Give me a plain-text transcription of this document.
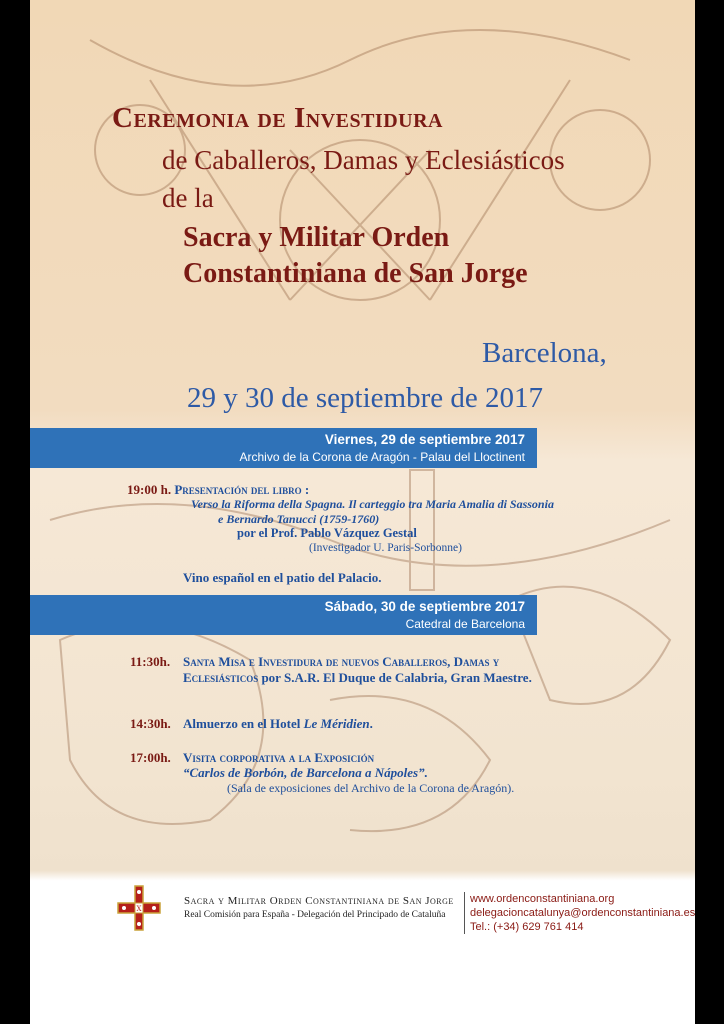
Ceremonia de Investidura
de Caballeros, Damas y Eclesiásticos
de la
Sacra y Militar Orden
Constantiniana de San Jorge
Barcelona,
29 y 30 de septiembre de 2017
Viernes, 29 de septiembre 2017
Archivo de la Corona de Aragón - Palau del Lloctinent
19:00 h. Presentación del libro :
Verso la Riforma della Spagna. Il carteggio tra Maria Amalia di Sassonia
e Bernardo Tanucci (1759-1760)
por el Prof. Pablo Vázquez Gestal
(Investigador U. Paris-Sorbonne)
Vino español en el patio del Palacio.
Sábado, 30 de septiembre 2017
Catedral de Barcelona
11:30h. Santa Misa e Investidura de nuevos Caballeros, Damas y
Eclesiásticos por S.A.R. El Duque de Calabria, Gran Maestre.
14:30h. Almuerzo en el Hotel Le Méridien.
17:00h. Visita corporativa a la Exposición
“Carlos de Borbón, de Barcelona a Nápoles”.
(Sala de exposiciones del Archivo de la Corona de Aragón).
X
Sacra y Militar Orden Constantiniana de San Jorge
Real Comisión para España - Delegación del Principado de Cataluña
www.ordenconstantiniana.org
delegacioncatalunya@ordenconstantiniana.es
Tel.: (+34) 629 761 414
